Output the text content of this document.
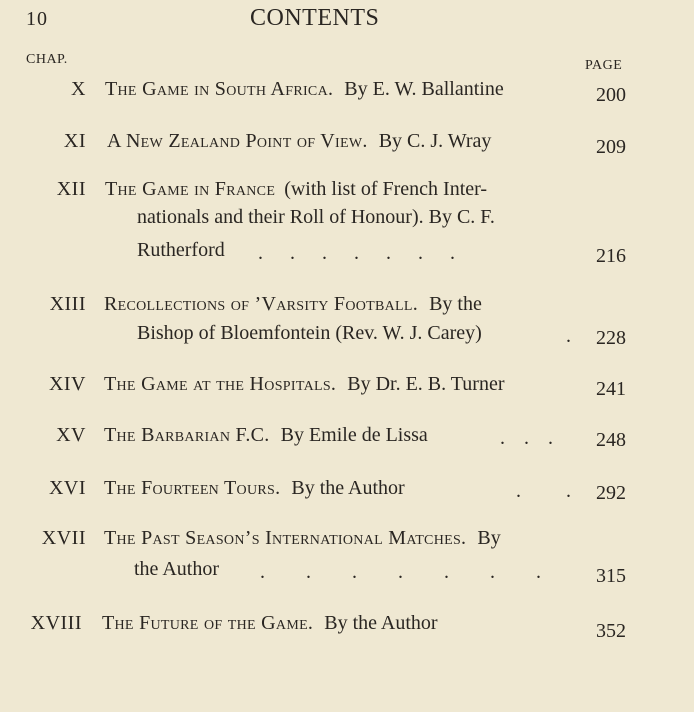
10	CONTENTS
CHAP.	PAGE
X The Game in South Africa. By E. W. Ballantine	200
XI A New Zealand Point of View. By C. J. Wray	209
XII The Game in France (with list of French Inter-
nationals and their Roll of Honour). By C. F.
Rutherford . . . . . . .	216
XIII Recollections of ’Varsity Football. By the
Bishop of Bloemfontein (Rev. W. J. Carey)	. 228
XIV The Game at the Hospitals. By Dr. E. B. Turner	241
XV The Barbarian F.C. By Emile de Lissa	. . . 248
XVI The Fourteen Tours. By the Author	. . 292
XVII The Past Season’s International Matches. By
the Author . . . . . . .	315
XVIII The Future of the Game. By the Author	352
